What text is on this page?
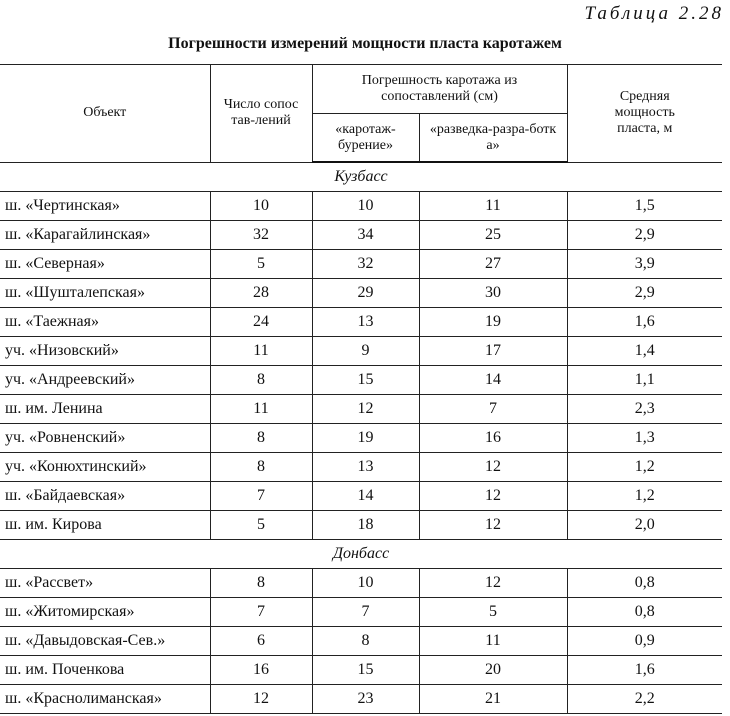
Таблица 2.28
Погрешности измерений мощности пласта каротажем
Объект	Число сопостав-лений	Погрешность каротажа из сопоставлений (см)		Средняя мощность пласта, м

		«каротаж-бурение»	«разведка-разра-ботка»	

Кузбасс				
ш. «Чертинская»	10	10	11	1,5
ш. «Карагайлинская»	32	34	25	2,9
ш. «Северная»	5	32	27	3,9
ш. «Шушталепская»	28	29	30	2,9
ш. «Таежная»	24	13	19	1,6
уч. «Низовский»	11	9	17	1,4
уч. «Андреевский»	8	15	14	1,1
ш. им. Ленина	11	12	7	2,3
уч. «Ровненский»	8	19	16	1,3
уч. «Конюхтинский»	8	13	12	1,2
ш. «Байдаевская»	7	14	12	1,2
ш. им. Кирова	5	18	12	2,0
Донбасс				
ш. «Рассвет»	8	10	12	0,8
ш. «Житомирская»	7	7	5	0,8
ш. «Давыдовская-Сев.»	6	8	11	0,9
ш. им. Поченкова	16	15	20	1,6
ш. «Краснолиманская»	12	23	21	2,2
